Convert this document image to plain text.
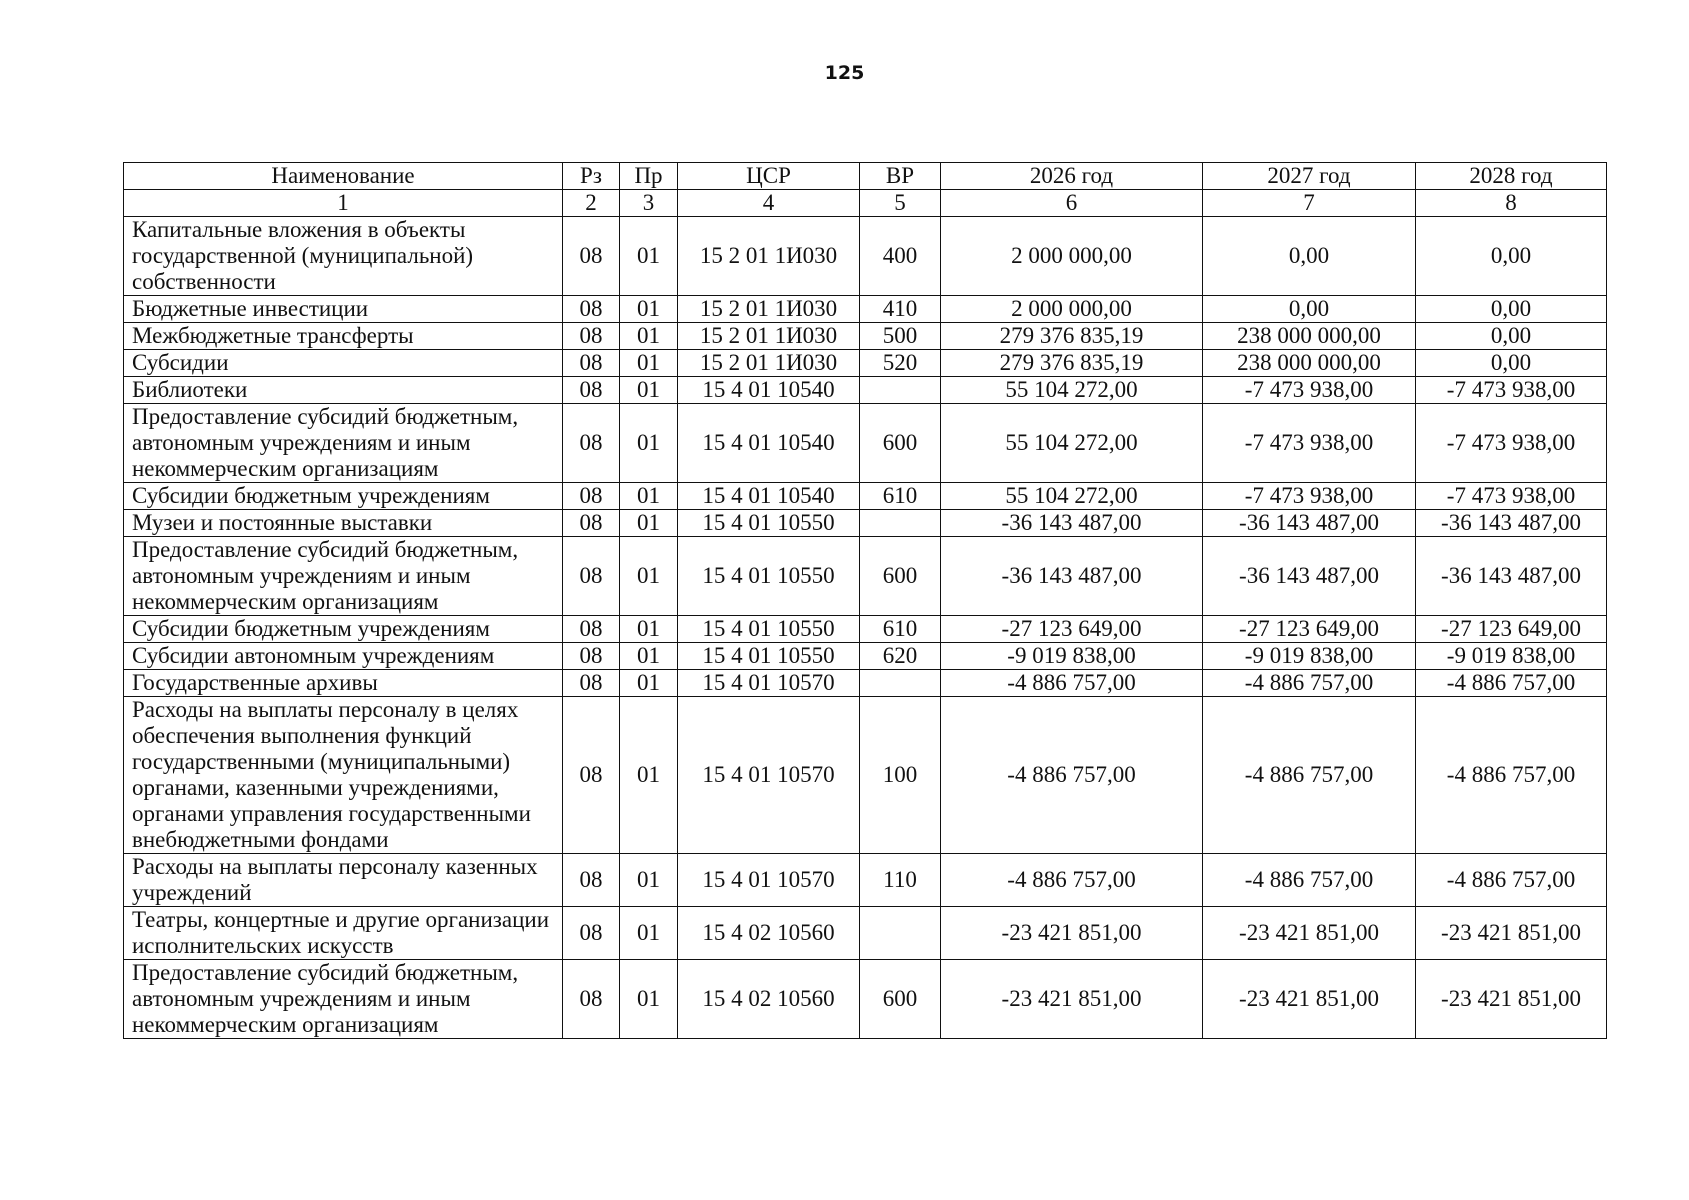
125
Наименование	Рз	Пр	ЦСР	ВР	2026 год	2027 год	2028 год
1	2	3	4	5	6	7	8
Капитальные вложения в объекты государственной (муниципальной) собственности	08	01	15 2 01 1И030	400	2 000 000,00	0,00	0,00
Бюджетные инвестиции	08	01	15 2 01 1И030	410	2 000 000,00	0,00	0,00
Межбюджетные трансферты	08	01	15 2 01 1И030	500	279 376 835,19	238 000 000,00	0,00
Субсидии	08	01	15 2 01 1И030	520	279 376 835,19	238 000 000,00	0,00
Библиотеки	08	01	15 4 01 10540		55 104 272,00	-7 473 938,00	-7 473 938,00
Предоставление субсидий бюджетным, автономным учреждениям и иным некоммерческим организациям	08	01	15 4 01 10540	600	55 104 272,00	-7 473 938,00	-7 473 938,00
Субсидии бюджетным учреждениям	08	01	15 4 01 10540	610	55 104 272,00	-7 473 938,00	-7 473 938,00
Музеи и постоянные выставки	08	01	15 4 01 10550		-36 143 487,00	-36 143 487,00	-36 143 487,00
Предоставление субсидий бюджетным, автономным учреждениям и иным некоммерческим организациям	08	01	15 4 01 10550	600	-36 143 487,00	-36 143 487,00	-36 143 487,00
Субсидии бюджетным учреждениям	08	01	15 4 01 10550	610	-27 123 649,00	-27 123 649,00	-27 123 649,00
Субсидии автономным учреждениям	08	01	15 4 01 10550	620	-9 019 838,00	-9 019 838,00	-9 019 838,00
Государственные архивы	08	01	15 4 01 10570		-4 886 757,00	-4 886 757,00	-4 886 757,00
Расходы на выплаты персоналу в целях обеспечения выполнения функций государственными (муниципальными) органами, казенными учреждениями, органами управления государственными внебюджетными фондами	08	01	15 4 01 10570	100	-4 886 757,00	-4 886 757,00	-4 886 757,00
Расходы на выплаты персоналу казенных учреждений	08	01	15 4 01 10570	110	-4 886 757,00	-4 886 757,00	-4 886 757,00
Театры, концертные и другие организации исполнительских искусств	08	01	15 4 02 10560		-23 421 851,00	-23 421 851,00	-23 421 851,00
Предоставление субсидий бюджетным, автономным учреждениям и иным некоммерческим организациям	08	01	15 4 02 10560	600	-23 421 851,00	-23 421 851,00	-23 421 851,00
